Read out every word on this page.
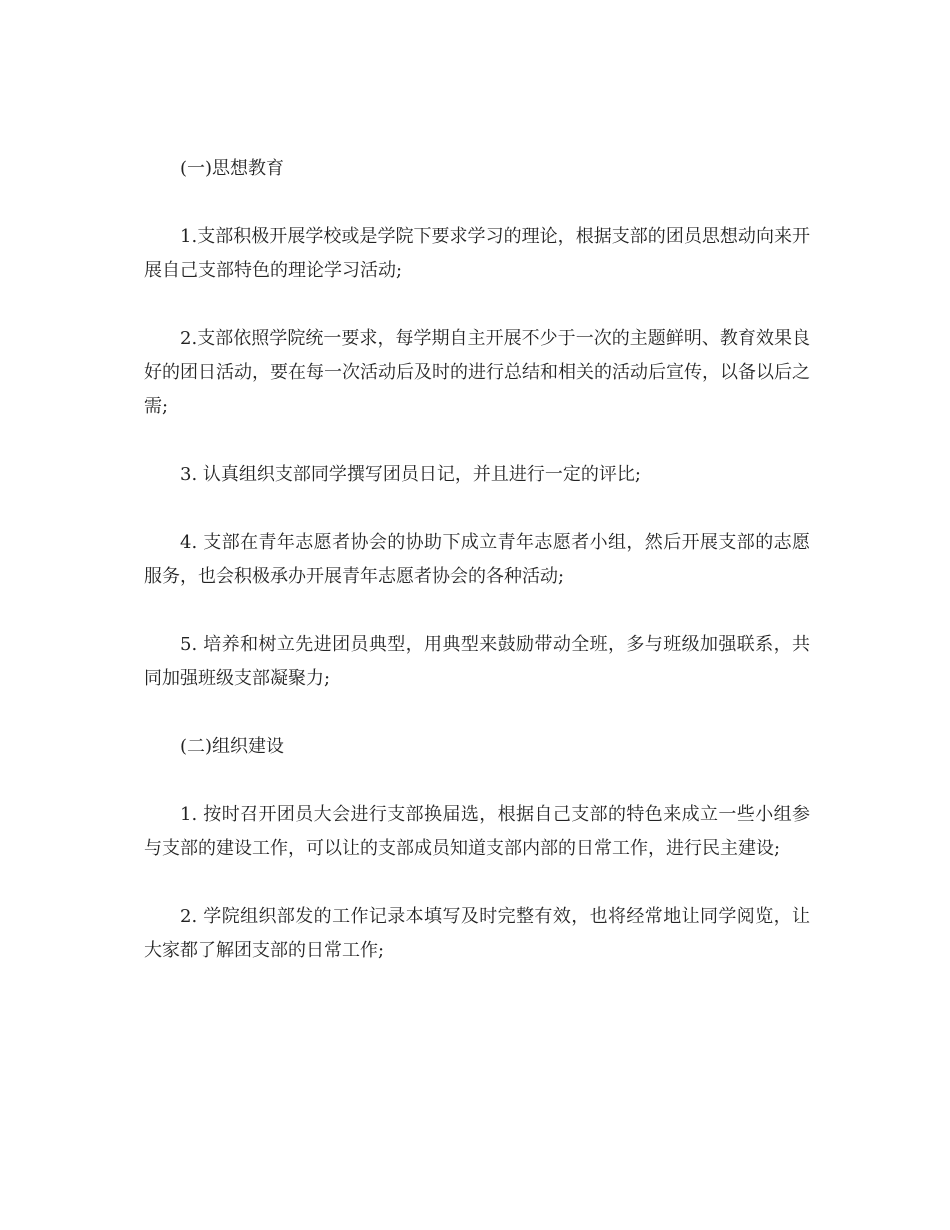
(一)思想教育

1.支部积极开展学校或是学院下要求学习的理论，根据支部的团员思想动向来开展自己支部特色的理论学习活动;

2.支部依照学院统一要求，每学期自主开展不少于一次的主题鲜明、教育效果良好的团日活动，要在每一次活动后及时的进行总结和相关的活动后宣传，以备以后之需;

3. 认真组织支部同学撰写团员日记，并且进行一定的评比;

4. 支部在青年志愿者协会的协助下成立青年志愿者小组，然后开展支部的志愿服务，也会积极承办开展青年志愿者协会的各种活动;

5. 培养和树立先进团员典型，用典型来鼓励带动全班，多与班级加强联系，共 同加强班级支部凝聚力;

(二)组织建设

1. 按时召开团员大会进行支部换届选，根据自己支部的特色来成立一些小组参与支部的建设工作，可以让的支部成员知道支部内部的日常工作，进行民主建设;

2. 学院组织部发的工作记录本填写及时完整有效，也将经常地让同学阅览，让大家都了解团支部的日常工作;
